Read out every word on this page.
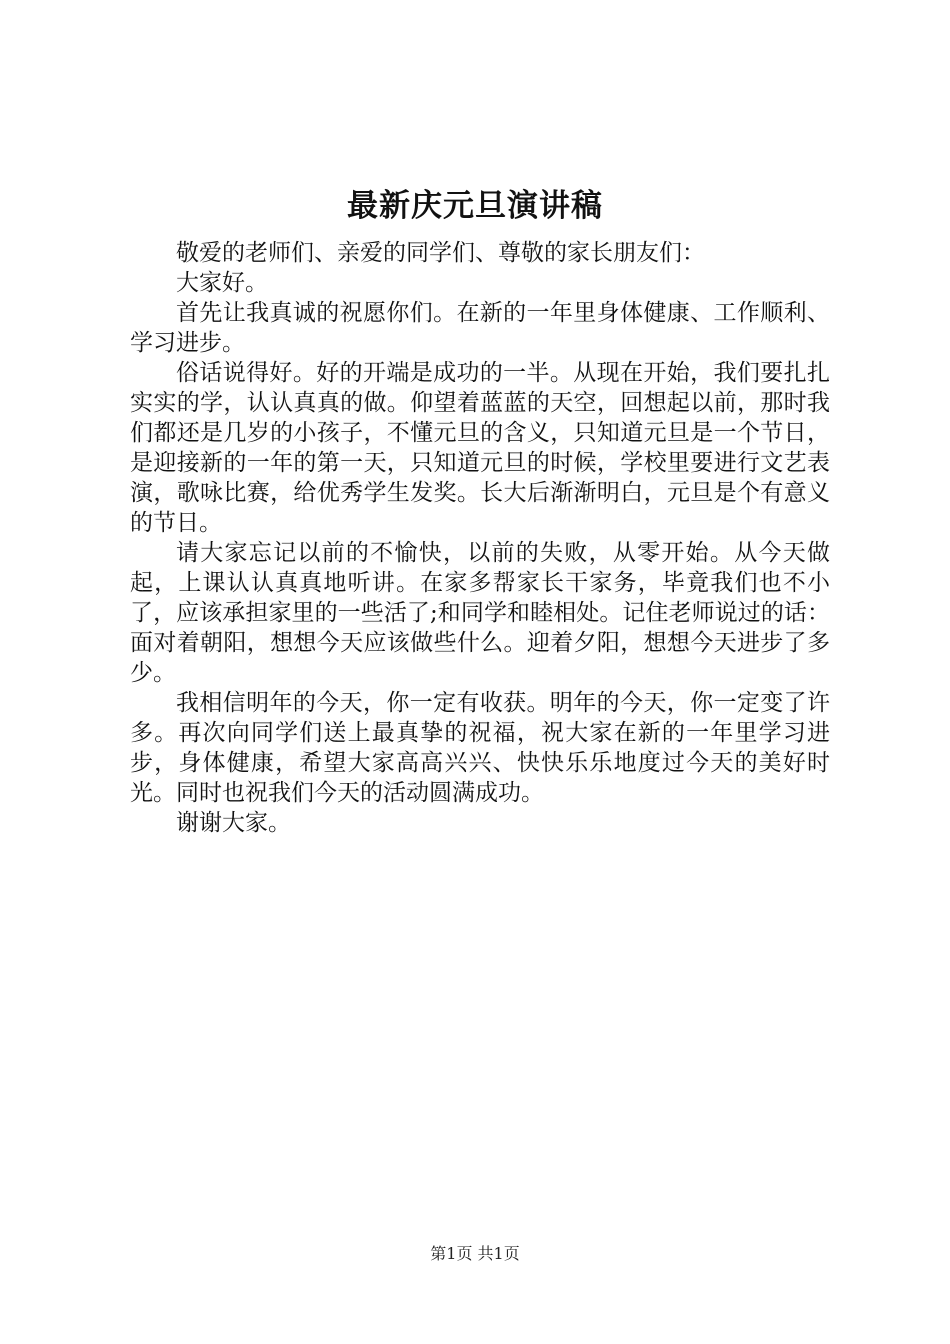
最新庆元旦演讲稿

敬爱的老师们、亲爱的同学们、尊敬的家长朋友们：

大家好。

首先让我真诚的祝愿你们。在新的一年里身体健康、工作顺利、学习进步。

俗话说得好。好的开端是成功的一半。从现在开始，我们要扎扎实实的学，认认真真的做。仰望着蓝蓝的天空，回想起以前，那时我们都还是几岁的小孩子，不懂元旦的含义，只知道元旦是一个节日，是迎接新的一年的第一天，只知道元旦的时候，学校里要进行文艺表演，歌咏比赛，给优秀学生发奖。长大后渐渐明白，元旦是个有意义的节日。

请大家忘记以前的不愉快，以前的失败，从零开始。从今天做起，上课认认真真地听讲。在家多帮家长干家务，毕竟我们也不小了，应该承担家里的一些活了;和同学和睦相处。记住老师说过的话：面对着朝阳，想想今天应该做些什么。迎着夕阳，想想今天进步了多少。

我相信明年的今天，你一定有收获。明年的今天，你一定变了许多。再次向同学们送上最真挚的祝福，祝大家在新的一年里学习进步，身体健康，希望大家高高兴兴、快快乐乐地度过今天的美好时光。同时也祝我们今天的活动圆满成功。

谢谢大家。

第1页 共1页
